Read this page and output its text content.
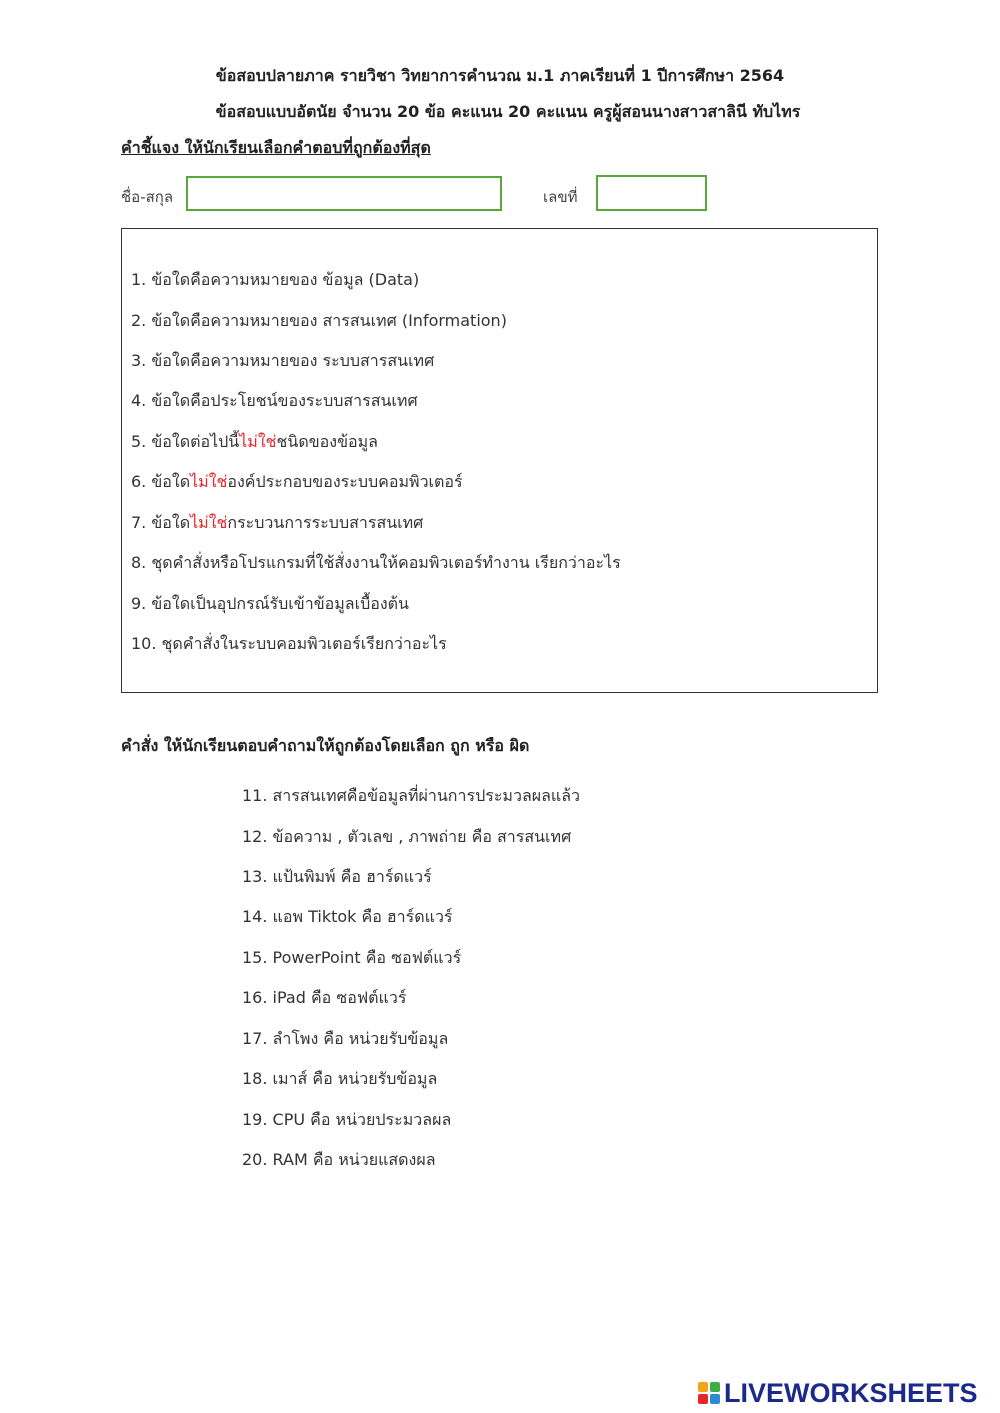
ข้อสอบปลายภาค รายวิชา วิทยาการคำนวณ ม.1 ภาคเรียนที่ 1 ปีการศึกษา 2564
ข้อสอบแบบอัตนัย จำนวน 20 ข้อ คะแนน 20 คะแนน ครูผู้สอนนางสาวสาลินี ทับไทร
คำชี้แจง ให้นักเรียนเลือกคำตอบที่ถูกต้องที่สุด
ชื่อ-สกุล	เลขที่
1. ข้อใดคือความหมายของ ข้อมูล (Data)
2. ข้อใดคือความหมายของ สารสนเทศ (Information)
3. ข้อใดคือความหมายของ ระบบสารสนเทศ
4. ข้อใดคือประโยชน์ของระบบสารสนเทศ
5. ข้อใดต่อไปนี้ไม่ใช่ชนิดของข้อมูล
6. ข้อใดไม่ใช่องค์ประกอบของระบบคอมพิวเตอร์
7. ข้อใดไม่ใช่กระบวนการระบบสารสนเทศ
8. ชุดคำสั่งหรือโปรแกรมที่ใช้สั่งงานให้คอมพิวเตอร์ทำงาน เรียกว่าอะไร
9. ข้อใดเป็นอุปกรณ์รับเข้าข้อมูลเบื้องต้น
10. ชุดคำสั่งในระบบคอมพิวเตอร์เรียกว่าอะไร
คำสั่ง ให้นักเรียนตอบคำถามให้ถูกต้องโดยเลือก ถูก หรือ ผิด
11. สารสนเทศคือข้อมูลที่ผ่านการประมวลผลแล้ว
12. ข้อความ , ตัวเลข , ภาพถ่าย คือ สารสนเทศ
13. แป้นพิมพ์ คือ ฮาร์ดแวร์
14. แอพ Tiktok คือ ฮาร์ดแวร์
15. PowerPoint คือ ซอฟต์แวร์
16. iPad คือ ซอฟต์แวร์
17. ลำโพง คือ หน่วยรับข้อมูล
18. เมาส์ คือ หน่วยรับข้อมูล
19. CPU คือ หน่วยประมวลผล
20. RAM คือ หน่วยแสดงผล
LIVEWORKSHEETS
